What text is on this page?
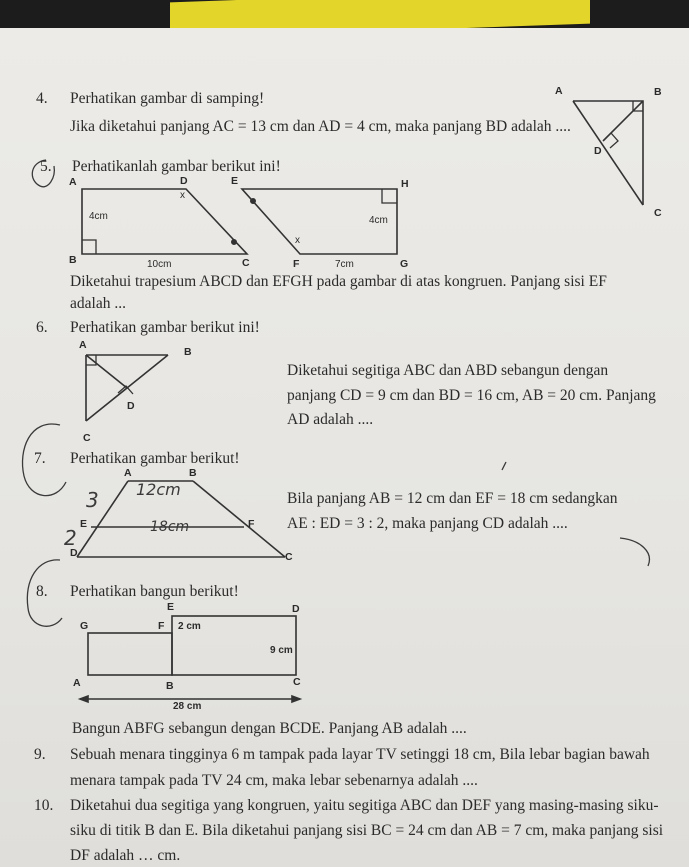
4. Perhatikan gambar di samping!
Jika diketahui panjang AC = 13 cm dan AD = 4 cm, maka panjang BD adalah ....
A	B
D
C
5. Perhatikanlah gambar berikut ini!
A	D	E	H
x
4cm	4cm
x
B	10cm	C	F	7cm	G
Diketahui trapesium ABCD dan EFGH pada gambar di atas kongruen. Panjang sisi EF
adalah ...
6. Perhatikan gambar berikut ini!
A
B
D
C
Diketahui segitiga ABC dan ABD sebangun dengan
panjang CD = 9 cm dan BD = 16 cm, AB = 20 cm. Panjang
AD adalah ....
7. Perhatikan gambar berikut!
A	B
E	F
D	C
3
2
12cm
18cm
Bila panjang AB = 12 cm dan EF = 18 cm sedangkan
AE : ED = 3 : 2, maka panjang CD adalah ....
8. Perhatikan bangun berikut!
E	D
G	F 2 cm
9 cm
A	B	C
28 cm
Bangun ABFG sebangun dengan BCDE. Panjang AB adalah ....
9. Sebuah menara tingginya 6 m tampak pada layar TV setinggi 18 cm, Bila lebar bagian bawah
menara tampak pada TV 24 cm, maka lebar sebenarnya adalah ....
10. Diketahui dua segitiga yang kongruen, yaitu segitiga ABC dan DEF yang masing-masing siku-
siku di titik B dan E. Bila diketahui panjang sisi BC = 24 cm dan AB = 7 cm, maka panjang sisi
DF adalah … cm.
